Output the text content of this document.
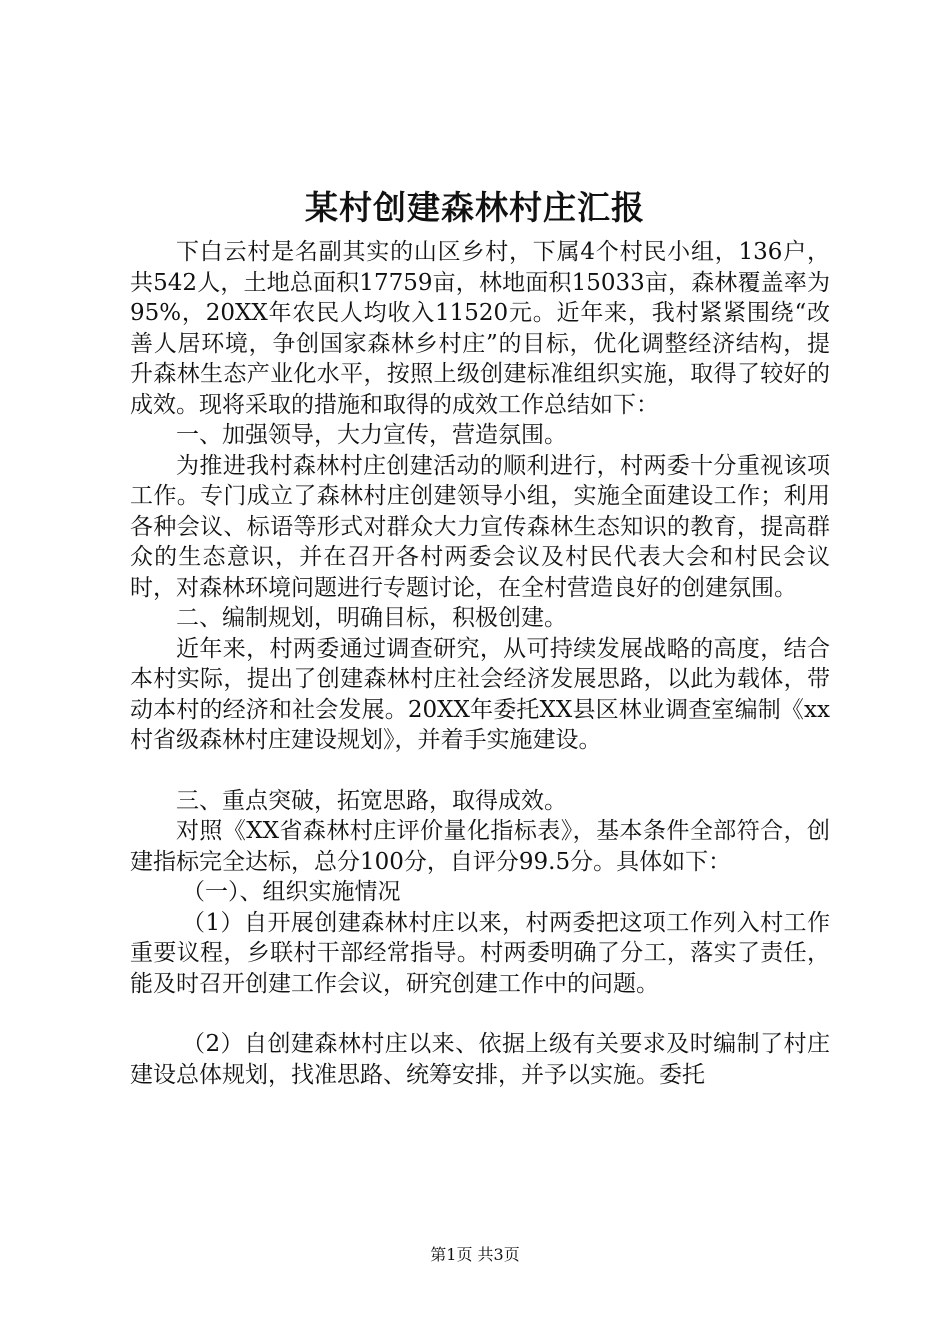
某村创建森林村庄汇报

下白云村是名副其实的山区乡村，下属4个村民小组，136户，共542人，土地总面积17759亩，林地面积15033亩，森林覆盖率为95%，20XX年农民人均收入11520元。近年来，我村紧紧围绕“改善人居环境，争创国家森林乡村庄”的目标，优化调整经济结构，提升森林生态产业化水平，按照上级创建标准组织实施，取得了较好的成效。现将采取的措施和取得的成效工作总结如下：

一、加强领导，大力宣传，营造氛围。

为推进我村森林村庄创建活动的顺利进行，村两委十分重视该项工作。专门成立了森林村庄创建领导小组，实施全面建设工作；利用各种会议、标语等形式对群众大力宣传森林生态知识的教育，提高群众的生态意识，并在召开各村两委会议及村民代表大会和村民会议时，对森林环境问题进行专题讨论，在全村营造良好的创建氛围。

二、编制规划，明确目标，积极创建。

近年来，村两委通过调查研究，从可持续发展战略的高度，结合本村实际，提出了创建森林村庄社会经济发展思路，以此为载体，带动本村的经济和社会发展。20XX年委托XX县区林业调查室编制《xx村省级森林村庄建设规划》，并着手实施建设。

三、重点突破，拓宽思路，取得成效。

对照《XX省森林村庄评价量化指标表》，基本条件全部符合，创建指标完全达标，总分100分，自评分99.5分。具体如下：

（一）、组织实施情况

（1）自开展创建森林村庄以来，村两委把这项工作列入村工作重要议程，乡联村干部经常指导。村两委明确了分工，落实了责任，能及时召开创建工作会议，研究创建工作中的问题。

（2）自创建森林村庄以来、依据上级有关要求及时编制了村庄建设总体规划，找准思路、统筹安排，并予以实施。委托

第1页 共3页
